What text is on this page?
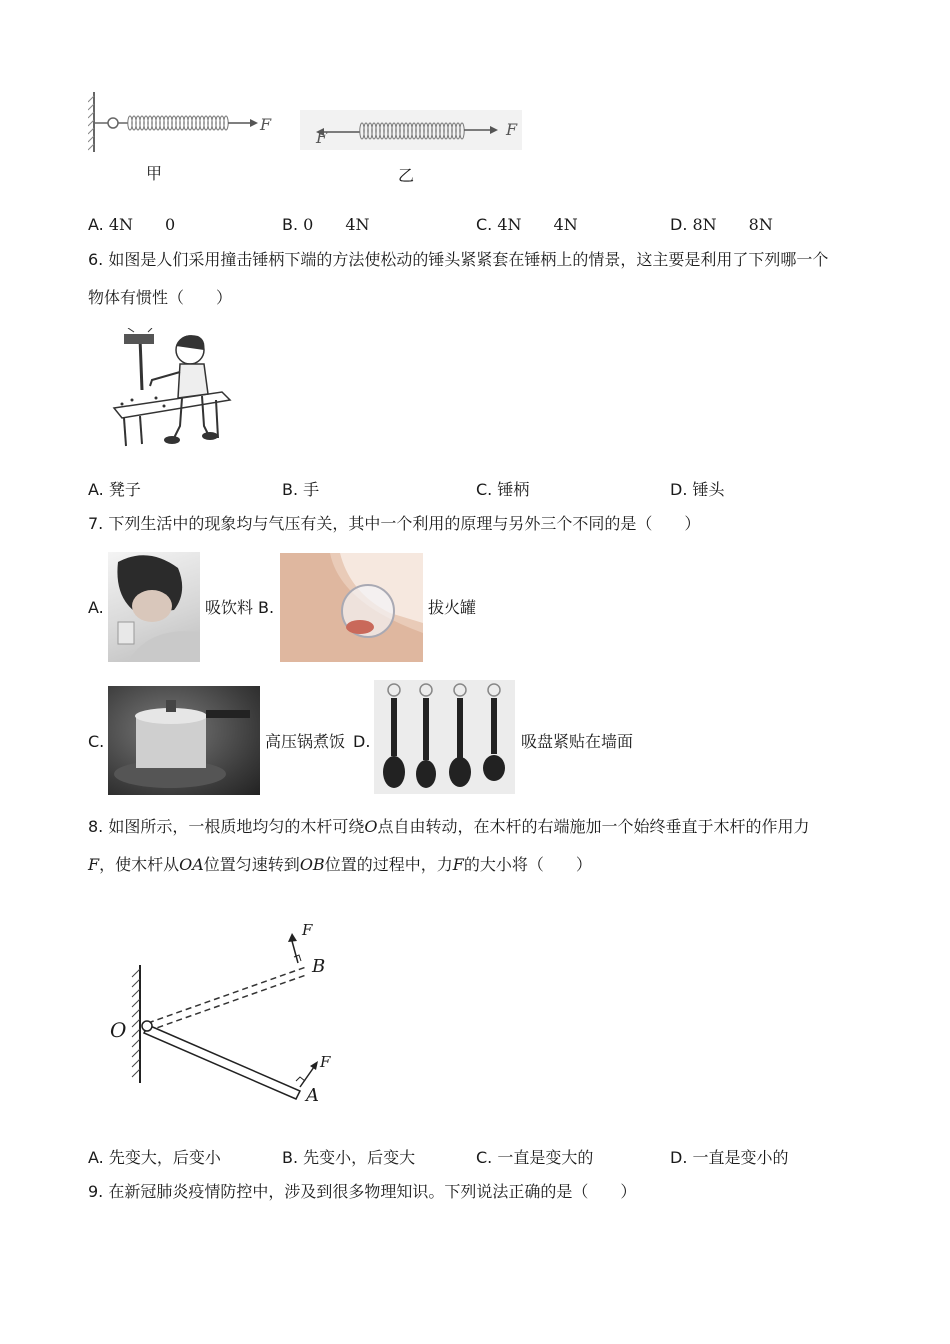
F
F	F
甲	乙
A. 4N　　0	B. 0　　4N	C. 4N　　4N	D. 8N　　8N
6. 如图是人们采用撞击锤柄下端的方法使松动的锤头紧紧套在锤柄上的情景，这主要是利用了下列哪一个
物体有惯性（　　）
A. 凳子	B. 手	C. 锤柄	D. 锤头
7. 下列生活中的现象均与气压有关，其中一个利用的原理与另外三个不同的是（　　）
A.	吸饮料 B.	拔火罐
C.	高压锅煮饭 D.	吸盘紧贴在墙面
8. 如图所示，一根质地均匀的木杆可绕O点自由转动，在木杆的右端施加一个始终垂直于木杆的作用力
F，使木杆从OA位置匀速转到OB位置的过程中，力F的大小将（　　）
O
B
A
F
F
A. 先变大，后变小	B. 先变小，后变大	C. 一直是变大的	D. 一直是变小的
9. 在新冠肺炎疫情防控中，涉及到很多物理知识。下列说法正确的是（　　）
